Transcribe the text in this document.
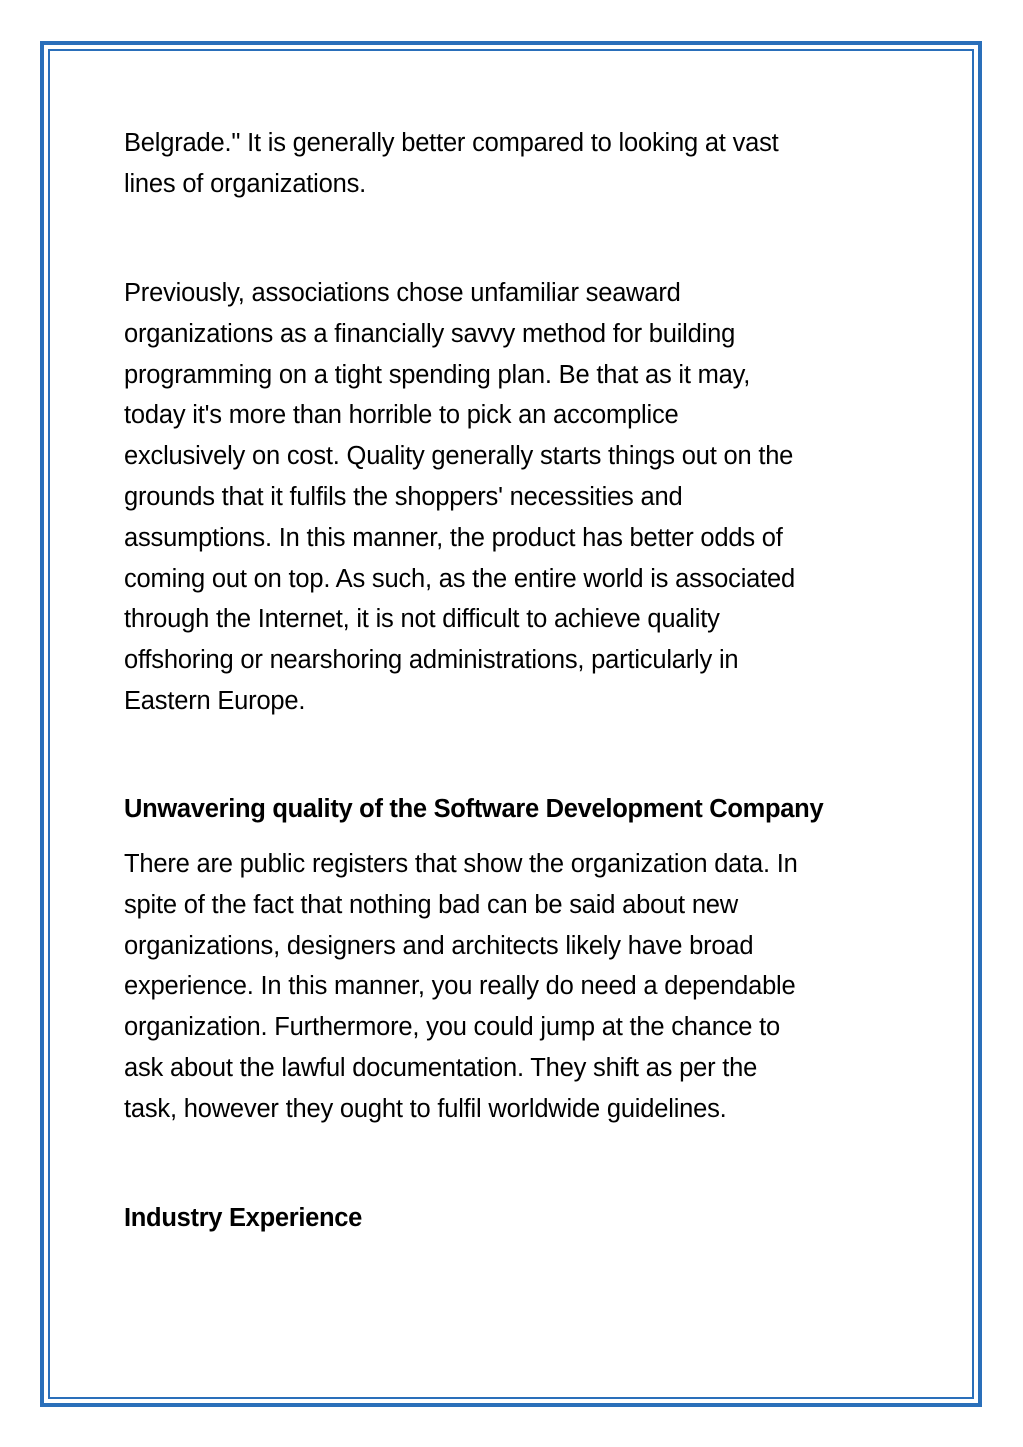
Belgrade." It is generally better compared to looking at vast
lines of organizations.

Previously, associations chose unfamiliar seaward
organizations as a financially savvy method for building
programming on a tight spending plan. Be that as it may,
today it's more than horrible to pick an accomplice
exclusively on cost. Quality generally starts things out on the
grounds that it fulfils the shoppers' necessities and
assumptions. In this manner, the product has better odds of
coming out on top. As such, as the entire world is associated
through the Internet, it is not difficult to achieve quality
offshoring or nearshoring administrations, particularly in
Eastern Europe.

Unwavering quality of the Software Development Company

There are public registers that show the organization data. In
spite of the fact that nothing bad can be said about new
organizations, designers and architects likely have broad
experience. In this manner, you really do need a dependable
organization. Furthermore, you could jump at the chance to
ask about the lawful documentation. They shift as per the
task, however they ought to fulfil worldwide guidelines.

Industry Experience
